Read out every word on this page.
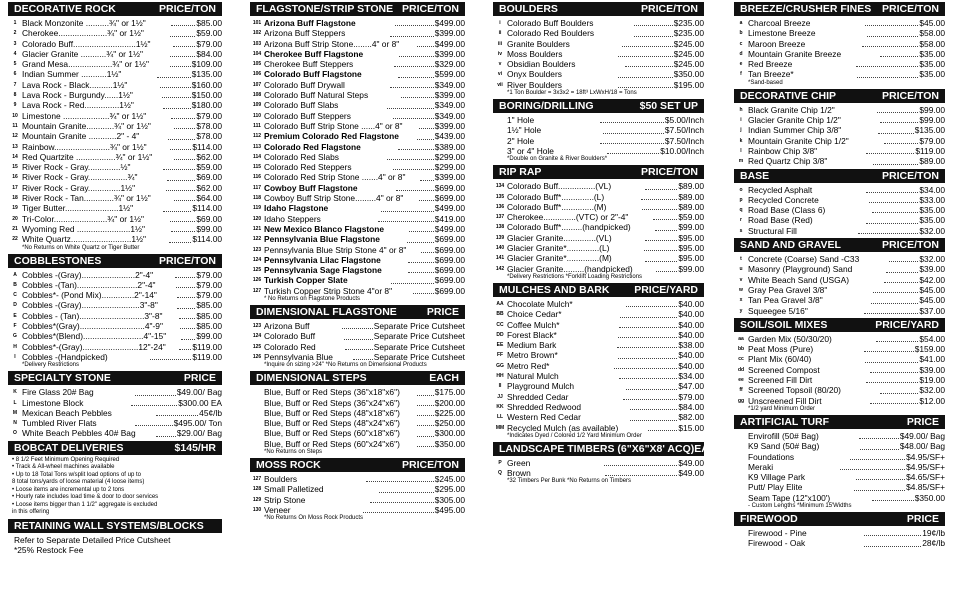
DECORATIVE ROCK	PRICE/TON
1 Black Monzonite ..........¾" or 1½"	$85.00
2 Cherokee.....................¾" or 1½"	$59.00
3 Colorado Buff...........................1½"	$79.00
4 Glacier Granite ...........¾" or 1½"	$84.00
5 Grand Mesa...................¾" or 1½"	$109.00
6 Indian Summer ...........1½"	$135.00
7 Lava Rock - Black..........1½"	$160.00
8 Lava Rock - Burgundy......1½"	$150.00
9 Lava Rock - Red...............1½"	$180.00
10 Limestone ....................¾" or 1½"	$79.00
11 Mountain Granite............¾" or 1½"	$78.00
12 Mountain Granite ............2" - 4"	$78.00
13 Rainbow........................¾" or 1½"	$114.00
14 Red Quartzite .................¾" or 1½"	$62.00
15 River Rock - Gray..............½"	$59.00
16 River Rock - Gray.................¾"	$69.00
17 River Rock - Gray..............1½"	$62.00
18 River Rock - Tan.............¾" or 1½"	$64.00
19 Tiger Butter.......................1½"	$114.00
20 Tri-Color.......................¾" or 1½"	$69.00
21 Wyoming Red .......................1½"	$99.00
22 White Quartz..........................1½"	$114.00
*No Returns on White Quartz or Tiger Butter
COBBLESTONES	PRICE/TON
A Cobbles -(Gray).......................2"-4"	$79.00
B Cobbles -(Tan)..........................2"-4"	$79.00
C Cobbles*- (Pond Mix)..............2"-14"	$79.00
D Cobbles -(Gray).........................3"-8"	$85.00
E Cobbles - (Tan)............................3"-8"	$85.00
F Cobbles*(Gray)............................4"-9"	$85.00
G Cobbles*(Blend)..........................4"-15"	$99.00
H Cobbles*-(Gray)........................12"-24"	$119.00
I Cobbles -(Handpicked)	$119.00
*Delivery Restrictions
SPECIALTY STONE	PRICE
K Fire Glass 20# Bag	$49.00/ Bag
L Limestone Block	$300.00 EA
M Mexican Beach Pebbles	45¢/lb
N Tumbled River Flats	$495.00/ Ton
O White Beach Pebbles 40# Bag	$29.00/ Bag
BOBCAT DELIVERIES	$145/HR
• 8 1/2 Feet Minimum Opening Required
• Track & All-wheel machines available
• Up to 18 Total Tons w/split load options of up to
8 total tons/yards of loose material (4 loose items)
• Loose items are incremental up to 2 tons
• Hourly rate includes load time & door to door services
• Loose items bigger than 1 1/2" aggregate is excluded
in this offering
RETAINING WALL SYSTEMS/BLOCKS
Refer to Separate Detailed Price Cutsheet
*25% Restock Fee
FLAGSTONE/STRIP STONE PRICE/TON
101 Arizona Buff Flagstone	$499.00
102 Arizona Buff Steppers	$399.00
103 Arizona Buff Strip Stone........4" or 8"	$499.00
104 Cherokee Buff Flagstone	$399.00
105 Cherokee Buff Steppers	$329.00
106 Colorado Buff Flagstone	$599.00
107 Colorado Buff Drywall	$349.00
108 Colorado Buff Natural Steps	$399.00
109 Colorado Buff Slabs	$349.00
110 Colorado Buff Steppers	$349.00
111 Colorado Buff Strip Stone ......4" or 8"	$399.00
112 Premium Colorado Red Flagstone	$439.00
113 Colorado Red Flagstone	$389.00
114 Colorado Red Slabs	$299.00
115 Colorado Red Steppers	$299.00
116 Colorado Red Strip Stone .......4" or 8"	$399.00
117 Cowboy Buff Flagstone	$699.00
118 Cowboy Buff Strip Stone.........4" or 8"	$699.00
119 Idaho Flagstone	$499.00
120 Idaho Steppers	$419.00
121 New Mexico Blanco Flagstone	$499.00
122 Pennsylvania Blue Flagstone	$699.00
123 Pennsylvania Blue Strip Stone 4" or 8"	$699.00
124 Pennsylvania Lilac Flagstone	$699.00
125 Pennsylvania Sage Flagstone	$699.00
126 Turkish Copper Slate	$699.00
127 Turkish Copper Strip Stone 4"or 8"	$699.00
* No Returns on Flagstone Products
DIMENSIONAL FLAGSTONE	PRICE
123 Arizona Buff	Separate Price Cutsheet
124 Colorado Buff	Separate Price Cutsheet
125 Colorado Red	Separate Price Cutsheet
126 Pennsylvania Blue	Separate Price Cutsheet
*Inquire on sizing >24" *No Returns on Dimensional Products
DIMENSIONAL STEPS	EACH
Blue, Buff or Red Steps (36"x18"x6")	$175.00
Blue, Buff or Red Steps (36"x24"x6")	$200.00
Blue, Buff or Red Steps (48"x18"x6")	$225.00
Blue, Buff or Red Steps (48"x24"x6")	$250.00
Blue, Buff or Red Steps (60"x18"x6")	$300.00
Blue, Buff or Red Steps (60"x24"x6")	$350.00
*No Returns on Steps
MOSS ROCK	PRICE/TON
127 Boulders	$245.00
128 Small Palletized	$295.00
129 Strip Stone	$305.00
130 Veneer	$495.00
*No Returns On Moss Rock Products
BOULDERS	PRICE/TON
i Colorado Buff Boulders	$235.00
ii Colorado Red Boulders	$235.00
iii Granite Boulders	$245.00
iv Moss Boulders	$245.00
v Obsidian Boulders	$245.00
vi Onyx Boulders	$350.00
vii River Boulders	$195.00
*1 Ton Boulder = 3x3x2 = 18ft³ LxWxH/18 = Tons
BORING/DRILLING	$50 SET UP
1" Hole	$5.00/Inch
1½" Hole	$7.50/Inch
2" Hole	$7.50/Inch
3" or 4" Hole	$10.00/Inch
*Double on Granite & River Boulders*
RIP RAP	PRICE/TON
134 Colorado Buff................(VL)	$89.00
135 Colorado Buff*..............(L)	$89.00
136 Colorado Buff*..............(M)	$89.00
137 Cherokee..............(VTC) or 2"-4"	$59.00
138 Colorado Buff*.........(handpicked)	$99.00
139 Glacier Granite..............(VL)	$95.00
140 Glacier Granite*..............(L)	$95.00
141 Glacier Granite*..............(M)	$95.00
142 Glacier Granite.........(handpicked)	$99.00
*Delivery Restrictions *Forklift Loading Restrictions
MULCHES AND BARK PRICE/YARD
AA Chocolate Mulch*	$40.00
BB Choice Cedar*	$40.00
CC Coffee Mulch*	$40.00
DD Forest Black*	$40.00
EE Medium Bark	$38.00
FF Metro Brown*	$40.00
GG Metro Red*	$40.00
HH Natural Mulch	$34.00
II Playground Mulch	$47.00
JJ Shredded Cedar	$79.00
KK Shredded Redwood	$84.00
LL Western Red Cedar	$82.00
MM Recycled Mulch (as available)	$15.00
*Indicates Dyed / Colored 1/2 Yard Minimum Order
LANDSCAPE TIMBERS (6"X6"X8' ACQ) EACH
P Green	$49.00
Q Brown	$49.00
*32 Timbers Per Bunk *No Returns on Timbers
BREEZE/CRUSHER FINES PRICE/TON
a Charcoal Breeze	$45.00
b Limestone Breeze	$58.00
c Maroon Breeze	$58.00
d Mountain Granite Breeze	$35.00
e Red Breeze	$35.00
f Tan Breeze*	$35.00
*Sand-based
DECORATIVE CHIP	PRICE/TON
h Black Granite Chip 1/2"	$99.00
i Glacier Granite Chip 1/2"	$99.00
j Indian Summer Chip 3/8"	$135.00
k Mountain Granite Chip 1/2"	$79.00
l Rainbow Chip 3/8"	$119.00
m Red Quartz Chip 3/8"	$89.00
BASE	PRICE/TON
o Recycled Asphalt	$34.00
p Recycled Concrete	$33.00
q Road Base (Class 6)	$35.00
r Road Base (Red)	$35.00
s Structural Fill	$32.00
SAND AND GRAVEL	PRICE/TON
t Concrete (Coarse) Sand -C33	$32.00
u Masonry (Playground) Sand	$39.00
v White Beach Sand (USGA)	$42.00
w Gray Pea Gravel 3/8"	$45.00
x Tan Pea Gravel 3/8"	$45.00
y Squeegee 5/16"	$37.00
SOIL/SOIL MIXES	PRICE/YARD
aa Garden Mix (50/30/20)	$54.00
bb Peat Moss (Pure)	$159.00
cc Plant Mix (60/40)	$41.00
dd Screened Compost	$39.00
ee Screened Fill Dirt	$19.00
ff Screened Topsoil (80/20)	$32.00
gg Unscreened Fill Dirt	$12.00
*1/2 yard Minimum Order
ARTIFICIAL TURF	PRICE
Envirofill (50# Bag)	$49.00/ Bag
K9 Sand (50# Bag)	$48.00/ Bag
Foundations	$4.95/SF+
Meraki	$4.95/SF+
K9 Village Park	$4.65/SF+
Putt/ Play Elite	$4.85/SF+
Seam Tape (12"x100')	$350.00
- Custom Lengths *Minimum 15'Widths
FIREWOOD	PRICE
Firewood - Pine	19¢/lb
Firewood - Oak	28¢/lb
